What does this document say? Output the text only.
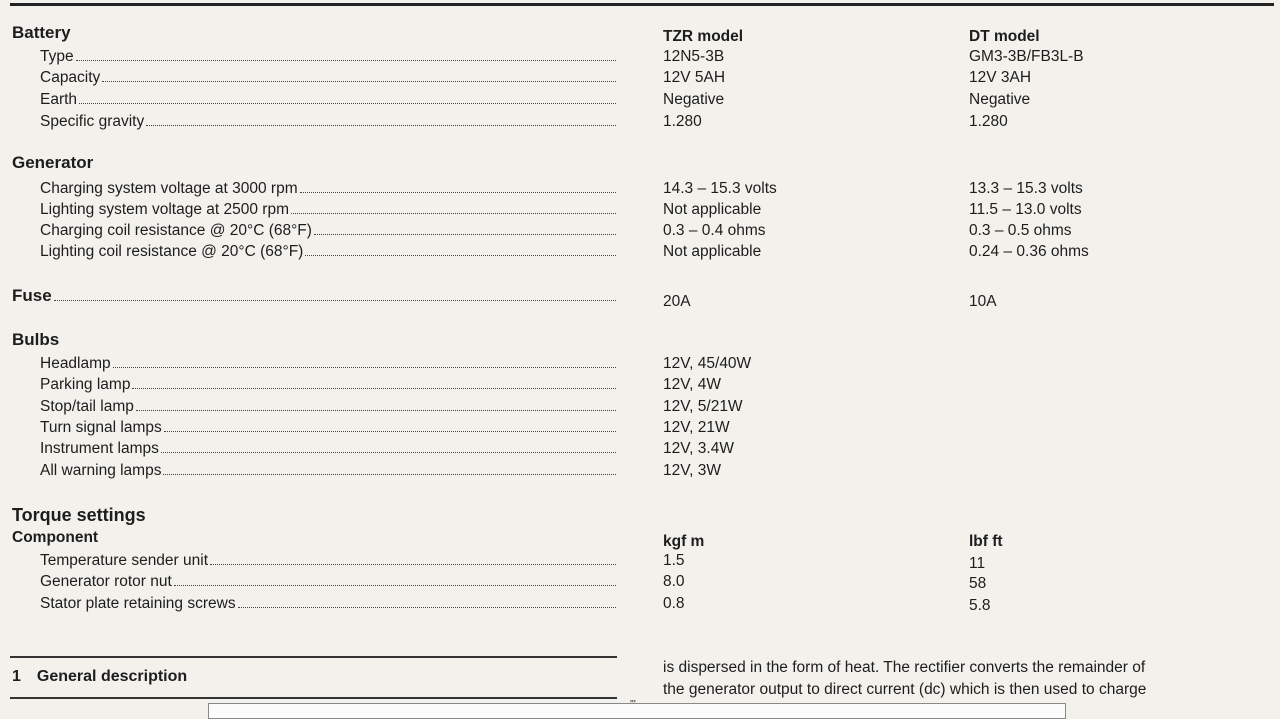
Battery	TZR model	DT model
Type	12N5-3B	GM3-3B/FB3L-B
Capacity	12V 5AH	12V 3AH
Earth	Negative	Negative
Specific gravity	1.280	1.280
Generator
Charging system voltage at 3000 rpm	14.3 – 15.3 volts	13.3 – 15.3 volts
Lighting system voltage at 2500 rpm	Not applicable	11.5 – 13.0 volts
Charging coil resistance @ 20°C (68°F)	0.3 – 0.4 ohms	0.3 – 0.5 ohms
Lighting coil resistance @ 20°C (68°F)	Not applicable	0.24 – 0.36 ohms
Fuse	20A	10A
Bulbs
Headlamp	12V, 45/40W
Parking lamp	12V, 4W
Stop/tail lamp	12V, 5/21W
Turn signal lamps	12V, 21W
Instrument lamps	12V, 3.4W
All warning lamps	12V, 3W
Torque settings
Component	kgf m	lbf ft
Temperature sender unit	1.5	11
Generator rotor nut	8.0	58
Stator plate retaining screws	0.8	5.8
1 General description
is dispersed in the form of heat. The rectifier converts the remainder of
the generator output to direct current (dc) which is then used to charge
'''
